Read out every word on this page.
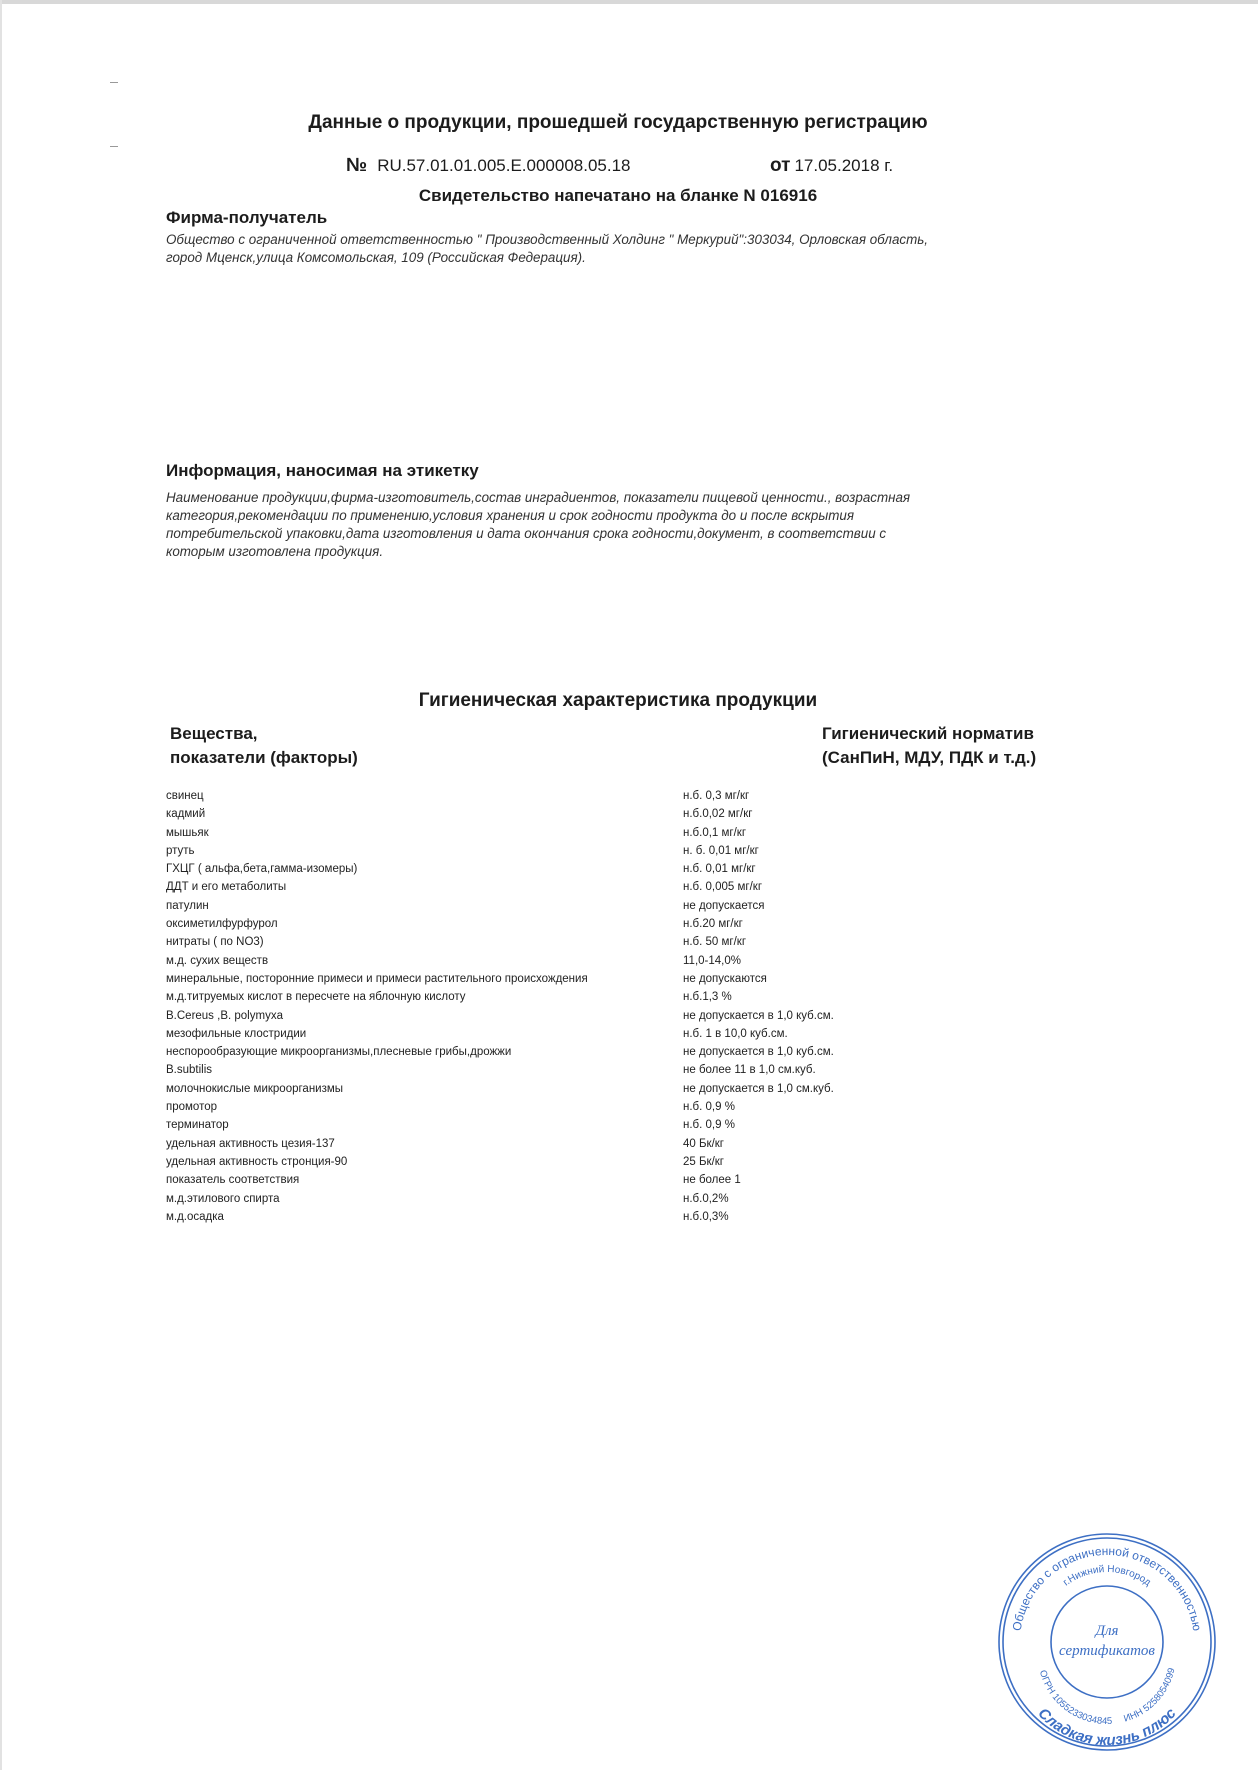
Данные о продукции, прошедшей государственную регистрацию
№ RU.57.01.01.005.E.000008.05.18	от 17.05.2018 г.
Свидетельство напечатано на бланке N 016916
Фирма-получатель
Общество с ограниченной ответственностью " Производственный Холдинг " Меркурий":303034, Орловская область,
город Мценск,улица Комсомольская, 109 (Российская Федерация).
Информация, наносимая на этикетку
Наименование продукции,фирма-изготовитель,состав ингрaдиентов, показатели пищевой ценности., возрастная
категория,рекомендации по применению,условия хранения и срок годности продукта до и после вскрытия
потребительской упаковки,дата изготовления и дата окончания срока годности,документ, в соответствии с
которым изготовлена продукция.
Гигиеническая характеристика продукции
Вещества,
показатели (факторы)
Гигиенический норматив
(СанПиН, МДУ, ПДК и т.д.)
свинец	н.б. 0,3 мг/кг
кадмий	н.б.0,02 мг/кг
мышьяк	н.б.0,1 мг/кг
ртуть	н. б. 0,01 мг/кг
ГХЦГ ( альфа,бета,гамма-изомеры)	н.б. 0,01 мг/кг
ДДТ и его метаболиты	н.б. 0,005 мг/кг
патулин	не допускается
оксиметилфурфурол	н.б.20 мг/кг
нитраты ( по NO3)	н.б. 50 мг/кг
м.д. сухих веществ	11,0-14,0%
минеральные, посторонние примеси и примеси растительного происхождения	не допускаются
м.д.титруемых кислот в пересчете на яблочную кислоту	н.б.1,3 %
B.Cereus ,B. polymyxa	не допускается в 1,0 куб.см.
мезофильные клостридии	н.б. 1 в 10,0 куб.см.
неспорообразующие микроорганизмы,плесневые грибы,дрожжи	не допускается в 1,0 куб.см.
B.subtilis	не более 11 в 1,0 см.куб.
молочнокислые микроорганизмы	не допускается в 1,0 см.куб.
промотор	н.б. 0,9 %
терминатор	н.б. 0,9 %
удельная активность цезия-137	40 Бк/кг
удельная активность стронция-90	25 Бк/кг
показатель соответствия	не более 1
м.д.этилового спирта	н.б.0,2%
м.д.осадка	н.б.0,3%
Общество с ограниченной ответственностью
г.Нижний Новгород
Сладкая жизнь плюс
ОГРН 1055233034845 ИНН 5258054099
Для
сертификатов
